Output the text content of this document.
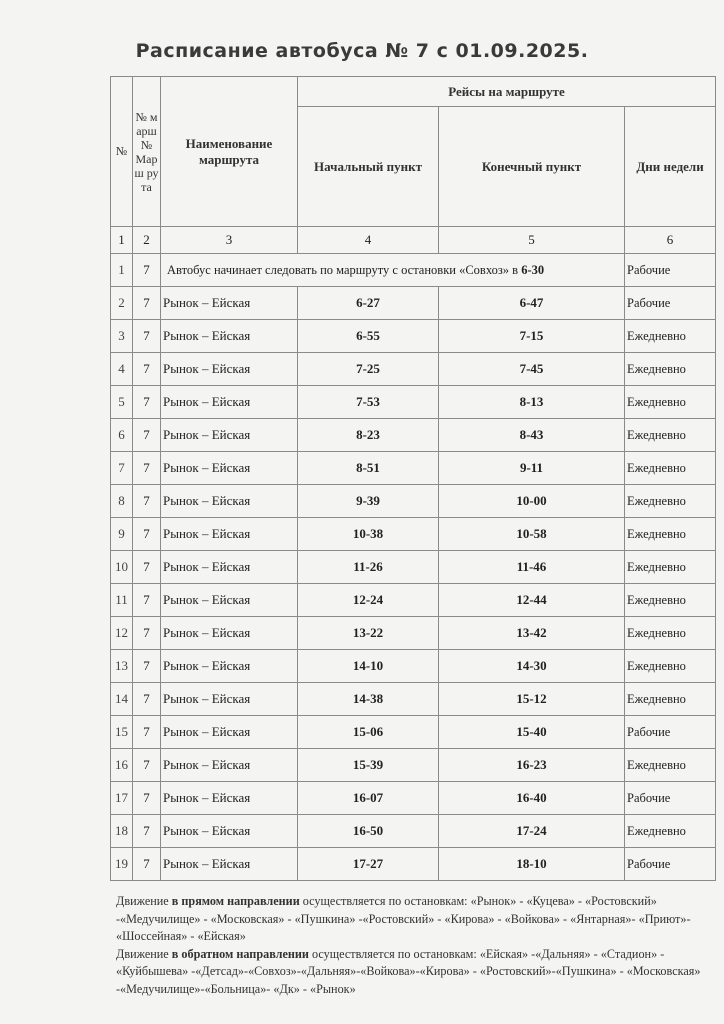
Расписание автобуса № 7 с 01.09.2025.
№	№ марш № Марш рута	Наименование маршрута	Рейсы на маршруте		
			Начальный пункт	Конечный пункт	Дни недели
1	2	3	4	5	6
1	7	Автобус начинает следовать по маршруту с остановки «Совхоз» в 6-30			Рабочие
2	7	Рынок – Ейская	6-27	6-47	Рабочие
3	7	Рынок – Ейская	6-55	7-15	Ежедневно
4	7	Рынок – Ейская	7-25	7-45	Ежедневно
5	7	Рынок – Ейская	7-53	8-13	Ежедневно
6	7	Рынок – Ейская	8-23	8-43	Ежедневно
7	7	Рынок – Ейская	8-51	9-11	Ежедневно
8	7	Рынок – Ейская	9-39	10-00	Ежедневно
9	7	Рынок – Ейская	10-38	10-58	Ежедневно
10	7	Рынок – Ейская	11-26	11-46	Ежедневно
11	7	Рынок – Ейская	12-24	12-44	Ежедневно
12	7	Рынок – Ейская	13-22	13-42	Ежедневно
13	7	Рынок – Ейская	14-10	14-30	Ежедневно
14	7	Рынок – Ейская	14-38	15-12	Ежедневно
15	7	Рынок – Ейская	15-06	15-40	Рабочие
16	7	Рынок – Ейская	15-39	16-23	Ежедневно
17	7	Рынок – Ейская	16-07	16-40	Рабочие
18	7	Рынок – Ейская	16-50	17-24	Ежедневно
19	7	Рынок – Ейская	17-27	18-10	Рабочие

Движение в прямом направлении осуществляется по остановкам: «Рынок» - «Куцева» - «Ростовский» -«Медучилище» - «Московская» - «Пушкина» -«Ростовский» - «Кирова» - «Войкова» - «Янтарная»- «Приют»- «Шоссейная» - «Ейская»

Движение в обратном направлении осуществляется по остановкам: «Ейская» -«Дальняя» - «Стадион» - «Куйбышева» -«Детсад»-«Совхоз»-«Дальняя»-«Войкова»-«Кирова» - «Ростовский»-«Пушкина» - «Московская» -«Медучилище»-«Больница»- «Дк» - «Рынок»
